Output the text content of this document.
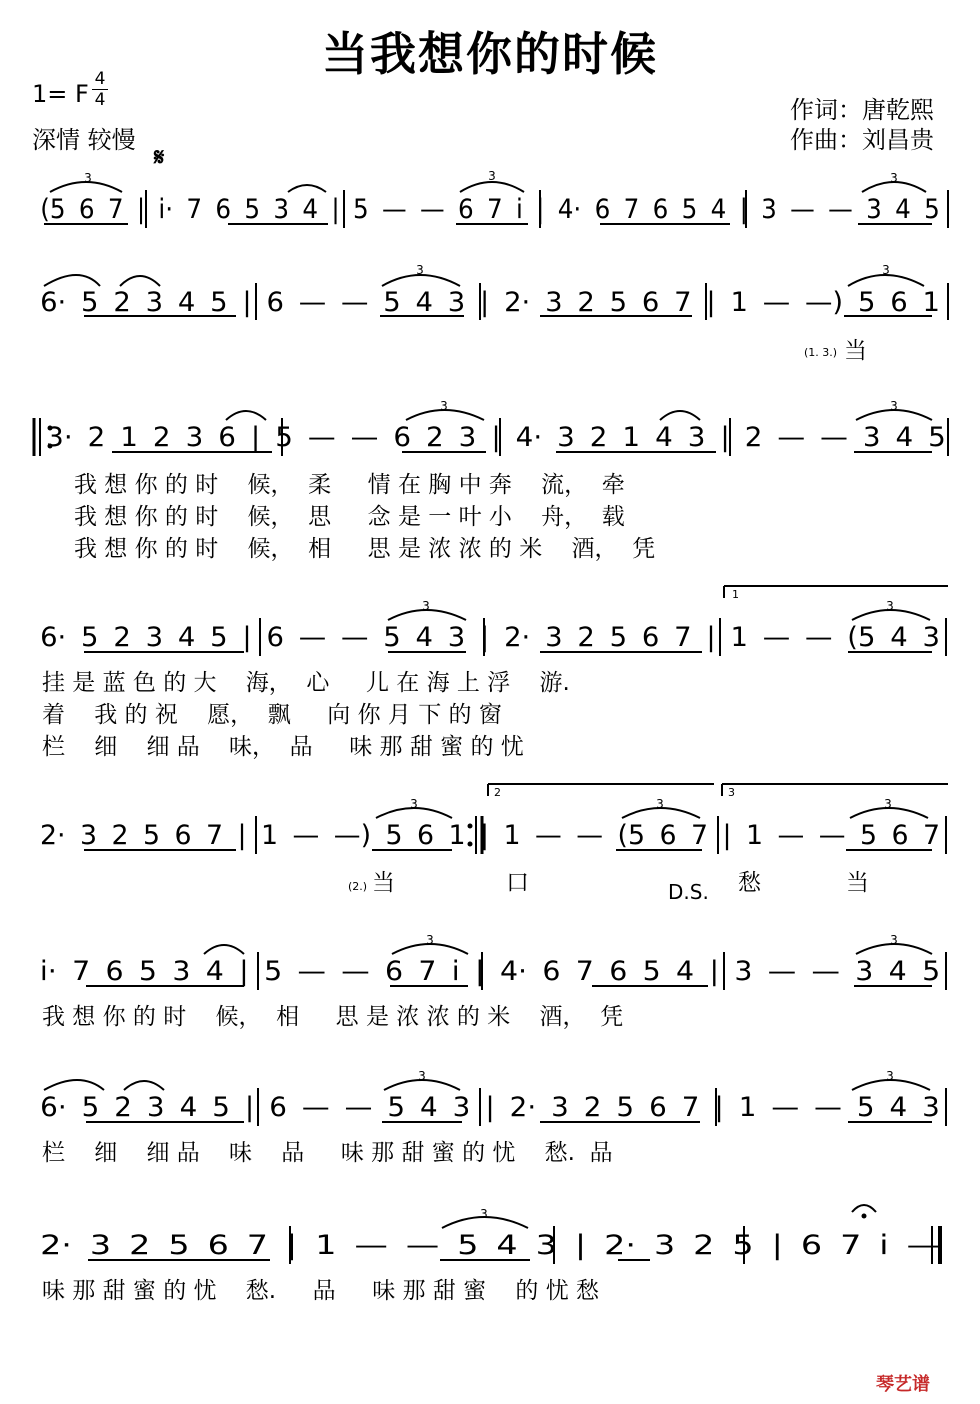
当我想你的时候
1= F
4
4
深情 较慢
作词：唐乾熙
作曲：刘昌贵
𝄋
3	3	3
3	3
3	3
3	3
3	3	3
3	3
3	3
3
(5 6 7 | i· 7 6 5 3 4 | 5 — — 6 7 i | 4· 6 7 6 5 4 | 3 — — 3 4 5
6· 5 2 3 4 5 | 6 — — 5 4 3 | 2· 3 2 5 6 7 | 1 — —) 5 6 1
(1. 3.) 当
3· 2 1 2 3 6 | 5 — — 6 2 3 | 4· 3 2 1 4 3 | 2 — — 3 4 5
我 想 你 的 时    候，  柔     情 在 胸 中 奔    流，  牵
我 想 你 的 时    候，  思     念 是 一 叶 小    舟，  载
我 想 你 的 时    候，  相     思 是 浓 浓 的 米    酒，  凭
6· 5 2 3 4 5 | 6 — — 5 4 3 | 2· 3 2 5 6 7 | 1 — — (5 4 3
1
挂 是 蓝 色 的 大    海，  心     儿 在 海 上 浮    游.
着    我 的 祝    愿，  飘     向 你 月 下 的 窗
栏    细    细 品    味，  品     味 那 甜 蜜 的 忧
2· 3 2 5 6 7 | 1 — —) 5 6 1 | 1 — — (5 6 7 | 1 — — 5 6 7
2	3
(2.) 当	口	D.S. 愁	当
i· 7 6 5 3 4 | 5 — — 6 7 i | 4· 6 7 6 5 4 | 3 — — 3 4 5
我 想 你 的 时    候，  相     思 是 浓 浓 的 米    酒，  凭
6· 5 2 3 4 5 | 6 — — 5 4 3 | 2· 3 2 5 6 7 | 1 — — 5 4 3
栏    细    细 品    味    品     味 那 甜 蜜 的 忧    愁.  品
2· 3 2 5 6 7 | 1 — — 5 4 3 | 2· 3 2 5 | 6 7 i —
味 那 甜 蜜 的 忧    愁.     品     味 那 甜 蜜    的 忧 愁
琴艺谱
